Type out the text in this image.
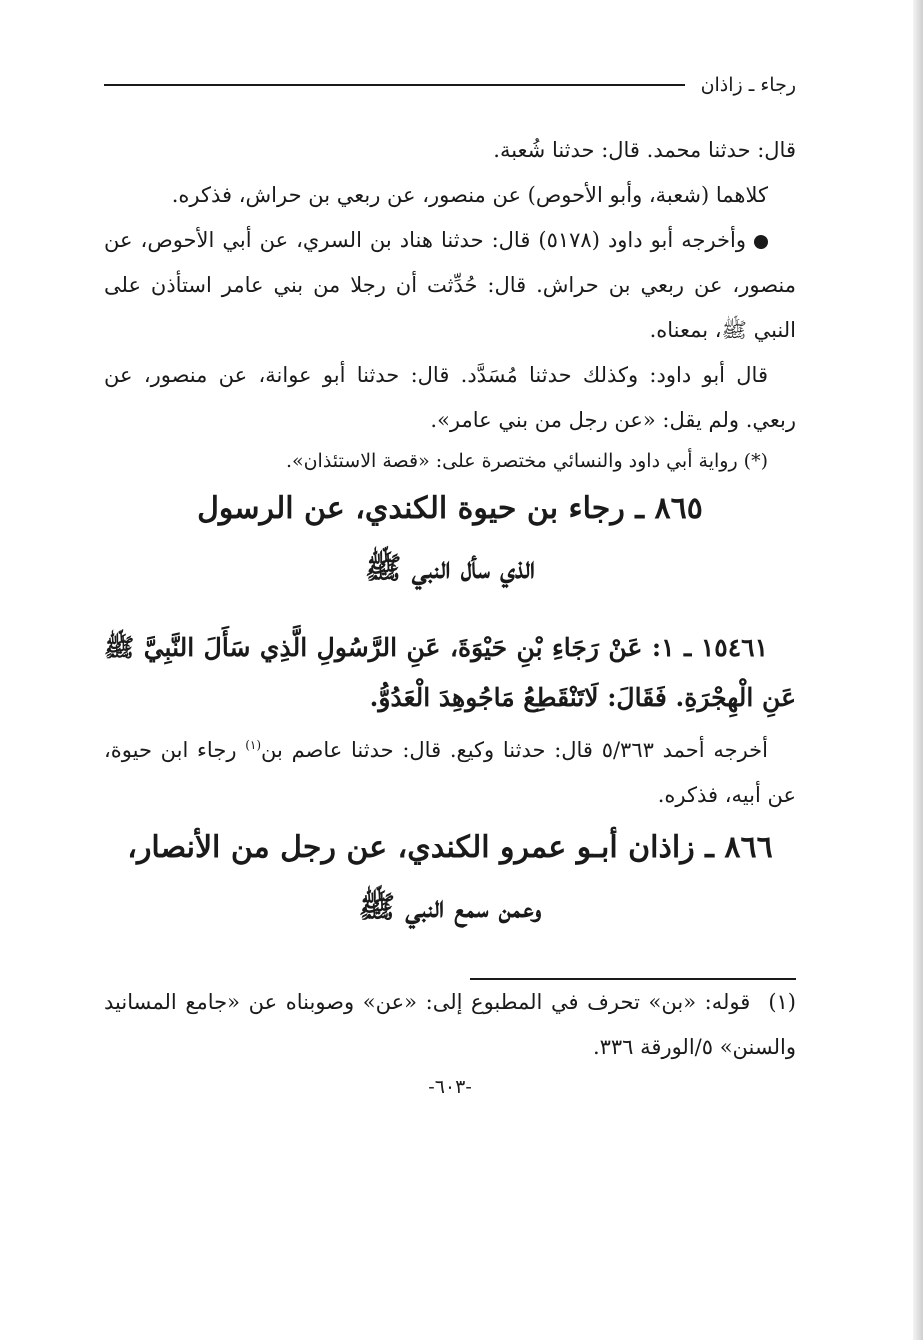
رجاء ـ زاذان

قال: حدثنا محمد. قال: حدثنا شُعبة.

كلاهما (شعبة، وأبو الأحوص) عن منصور، عن ربعي بن حراش، فذكره.

وأخرجه أبو داود (٥١٧٨) قال: حدثنا هناد بن السري، عن أبي الأحوص، عن منصور، عن ربعي بن حراش. قال: حُدِّثت أن رجلا من بني عامر استأذن على النبي ﷺ، بمعناه.

قال أبو داود: وكذلك حدثنا مُسَدَّد. قال: حدثنا أبو عوانة، عن منصور، عن ربعي. ولم يقل: «عن رجل من بني عامر».

(*) رواية أبي داود والنسائي مختصرة على: «قصة الاستئذان».

٨٦٥ ـ رجاء بن حيوة الكندي، عن الرسول
الذي سأل النبي ﷺ

١٥٤٦١ ـ ١: عَنْ رَجَاءِ بْنِ حَيْوَةَ، عَنِ الرَّسُولِ الَّذِي سَأَلَ النَّبِيَّ ﷺ عَنِ الْهِجْرَةِ. فَقَالَ: لَاتَنْقَطِعُ مَاجُوهِدَ الْعَدُوُّ.

أخرجه أحمد ٥/٣٦٣ قال: حدثنا وكيع. قال: حدثنا عاصم بن$^{(١)}$ رجاء ابن حيوة، عن أبيه، فذكره.

٨٦٦ ـ زاذان أبـو عمرو الكندي، عن رجل من الأنصار،
وعمن سمع النبي ﷺ

(١)قوله: «بن» تحرف في المطبوع إلى: «عن» وصوبناه عن «جامع المسانيد والسنن» ٥/الورقة ٣٣٦.

-٦٠٣-
